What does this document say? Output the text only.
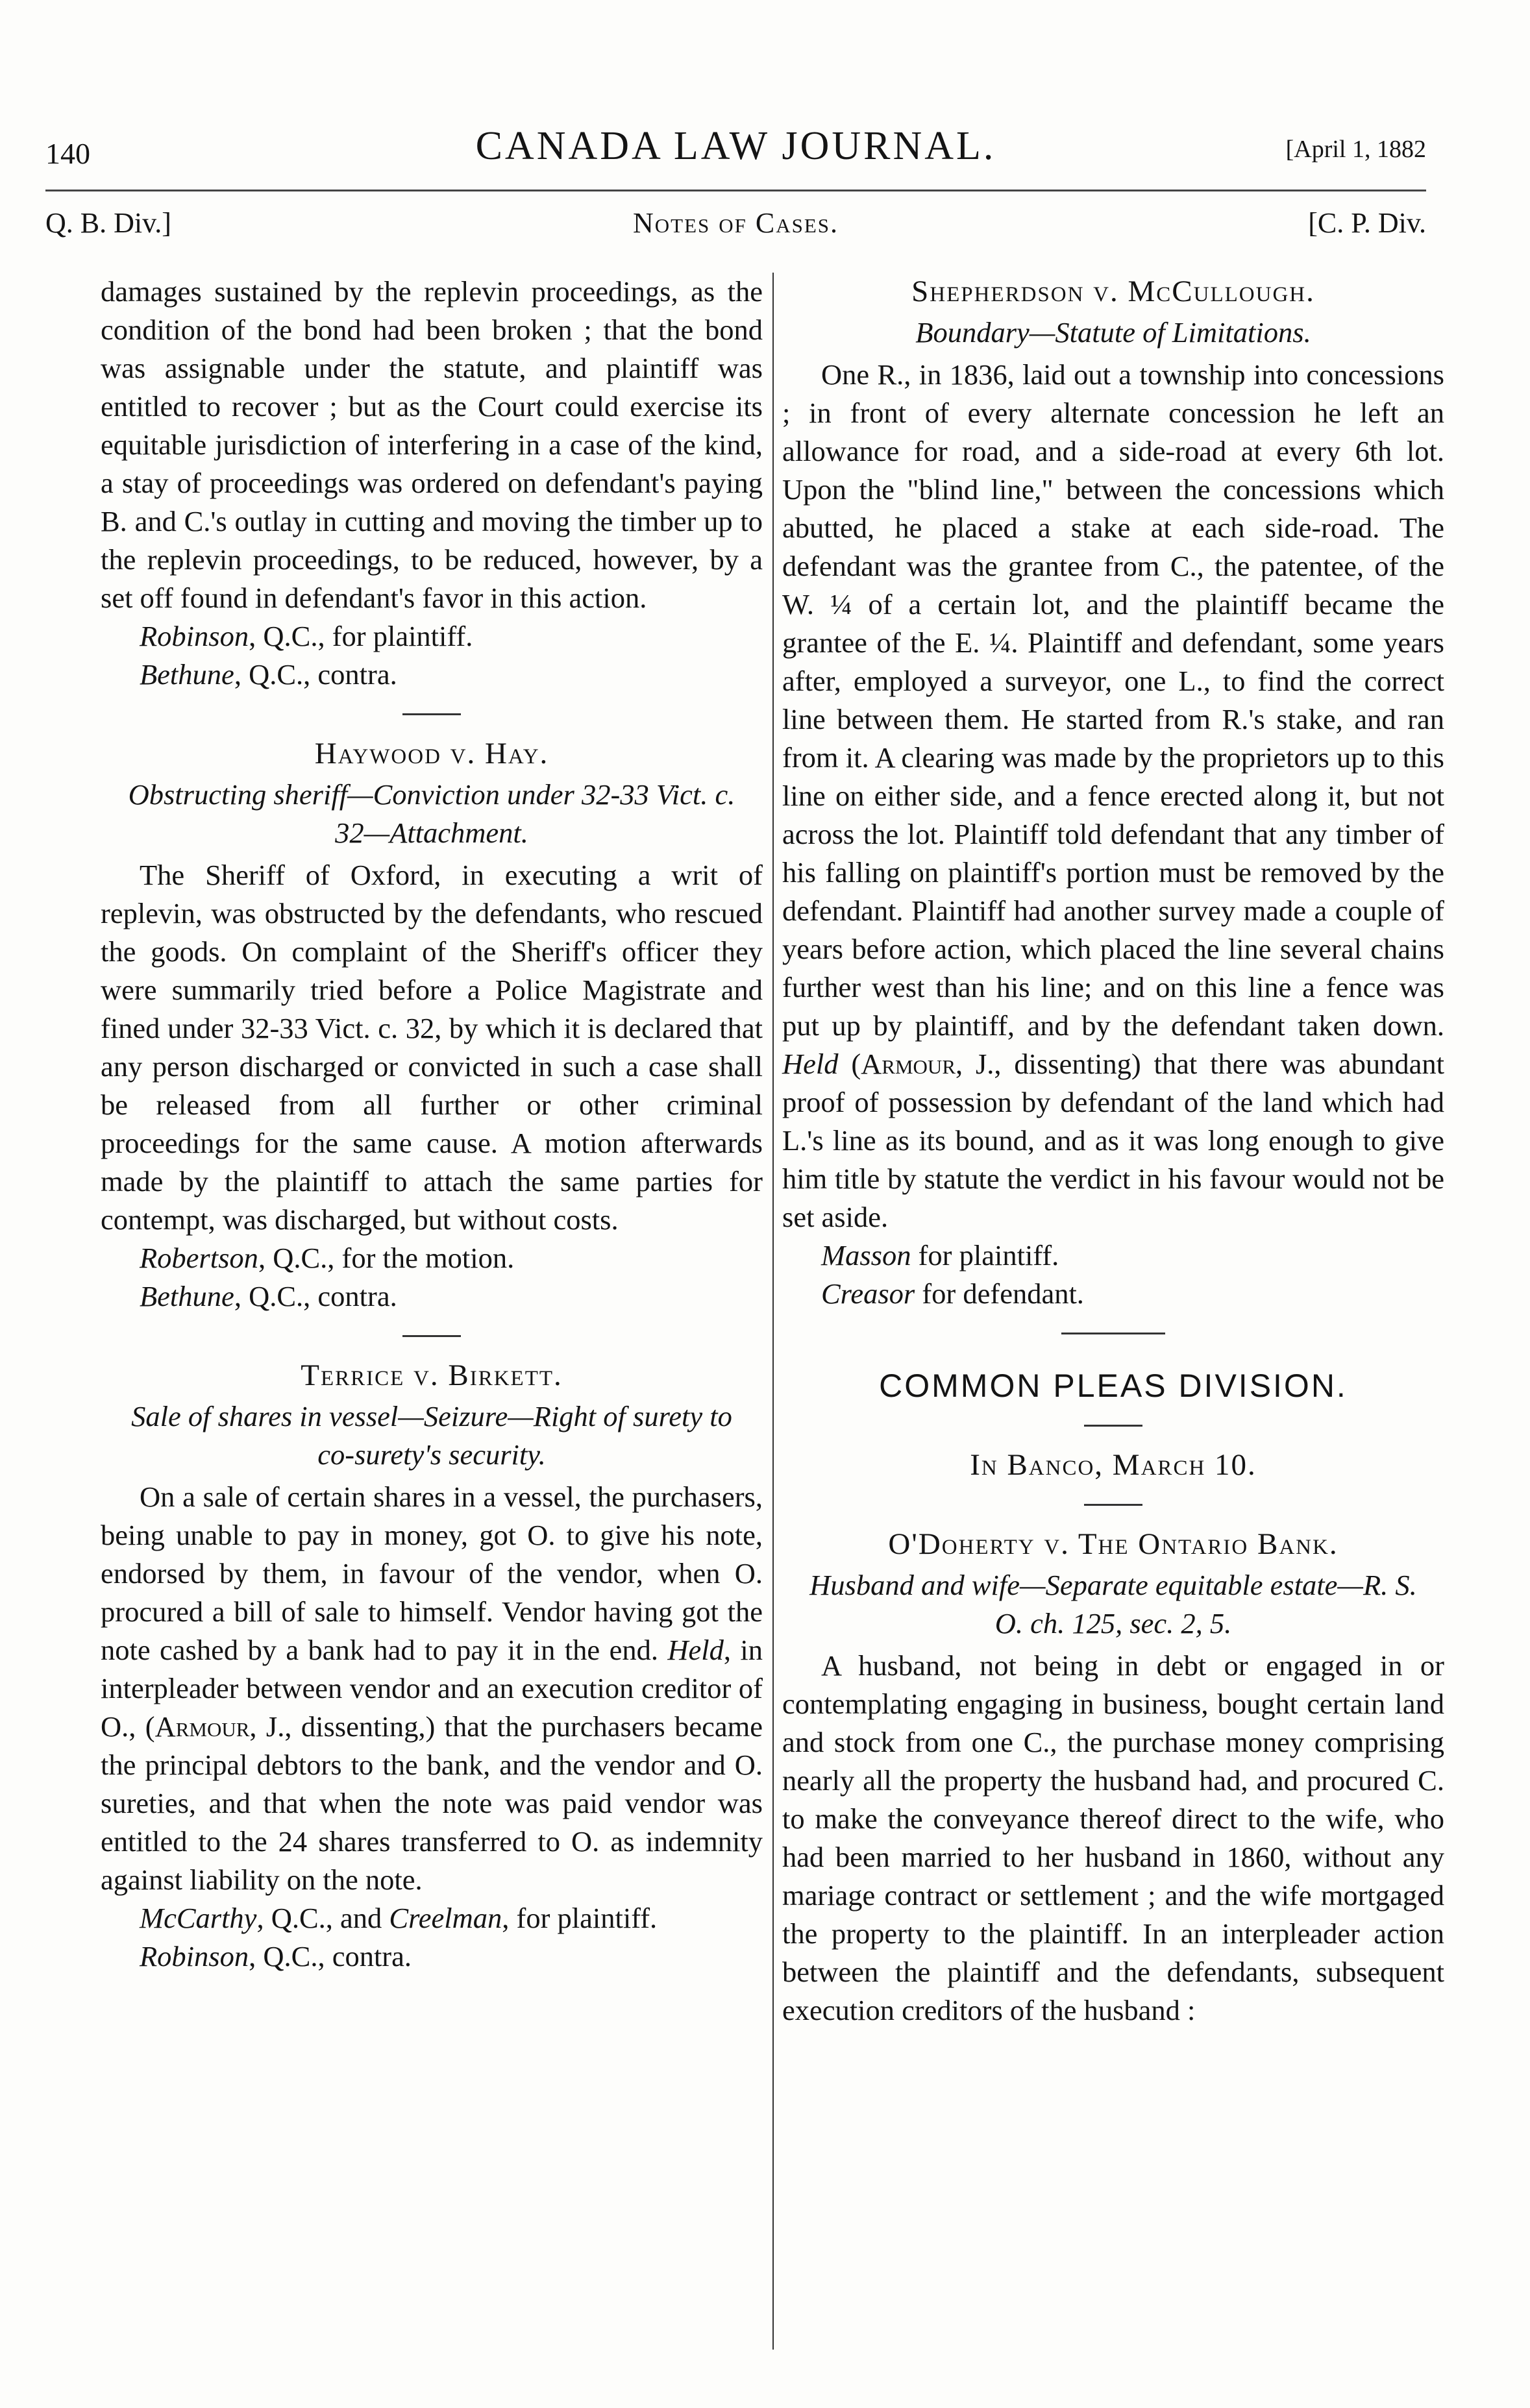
140	CANADA LAW JOURNAL.	[April 1, 1882
Q. B. Div.]	Notes of Cases.	[C. P. Div.

damages sustained by the replevin proceedings, as the condition of the bond had been broken ; that the bond was assignable under the statute, and plaintiff was entitled to recover ; but as the Court could exercise its equitable jurisdiction of interfering in a case of the kind, a stay of proceedings was ordered on defendant's paying B. and C.'s outlay in cutting and moving the timber up to the replevin proceedings, to be reduced, however, by a set off found in defendant's favor in this action.

Robinson, Q.C., for plaintiff.

Bethune, Q.C., contra.

Haywood v. Hay.

Obstructing sheriff—Conviction under 32-33 Vict. c. 32—Attachment.

The Sheriff of Oxford, in executing a writ of replevin, was obstructed by the defendants, who rescued the goods. On complaint of the Sheriff's officer they were summarily tried before a Police Magistrate and fined under 32-33 Vict. c. 32, by which it is declared that any person discharged or convicted in such a case shall be released from all further or other criminal proceedings for the same cause. A motion afterwards made by the plaintiff to attach the same parties for contempt, was discharged, but without costs.

Robertson, Q.C., for the motion.

Bethune, Q.C., contra.

Terrice v. Birkett.

Sale of shares in vessel—Seizure—Right of surety to co-surety's security.

On a sale of certain shares in a vessel, the purchasers, being unable to pay in money, got O. to give his note, endorsed by them, in favour of the vendor, when O. procured a bill of sale to himself. Vendor having got the note cashed by a bank had to pay it in the end. Held, in interpleader between vendor and an execution creditor of O., (Armour, J., dissenting,) that the purchasers became the principal debtors to the bank, and the vendor and O. sureties, and that when the note was paid vendor was entitled to the 24 shares transferred to O. as indemnity against liability on the note.

McCarthy, Q.C., and Creelman, for plaintiff.

Robinson, Q.C., contra.

Shepherdson v. McCullough.

Boundary—Statute of Limitations.

One R., in 1836, laid out a township into concessions ; in front of every alternate concession he left an allowance for road, and a side-road at every 6th lot. Upon the "blind line," between the concessions which abutted, he placed a stake at each side-road. The defendant was the grantee from C., the patentee, of the W. ¼ of a certain lot, and the plaintiff became the grantee of the E. ¼. Plaintiff and defendant, some years after, employed a surveyor, one L., to find the correct line between them. He started from R.'s stake, and ran from it. A clearing was made by the proprietors up to this line on either side, and a fence erected along it, but not across the lot. Plaintiff told defendant that any timber of his falling on plaintiff's portion must be removed by the defendant. Plaintiff had another survey made a couple of years before action, which placed the line several chains further west than his line; and on this line a fence was put up by plaintiff, and by the defendant taken down. Held (Armour, J., dissenting) that there was abundant proof of possession by defendant of the land which had L.'s line as its bound, and as it was long enough to give him title by statute the verdict in his favour would not be set aside.

Masson for plaintiff.

Creasor for defendant.

COMMON PLEAS DIVISION.

In Banco, March 10.

O'Doherty v. The Ontario Bank.

Husband and wife—Separate equitable estate—R. S. O. ch. 125, sec. 2, 5.

A husband, not being in debt or engaged in or contemplating engaging in business, bought certain land and stock from one C., the purchase money comprising nearly all the property the husband had, and procured C. to make the conveyance thereof direct to the wife, who had been married to her husband in 1860, without any mariage contract or settlement ; and the wife mortgaged the property to the plaintiff. In an interpleader action between the plaintiff and the defendants, subsequent execution creditors of the husband :
